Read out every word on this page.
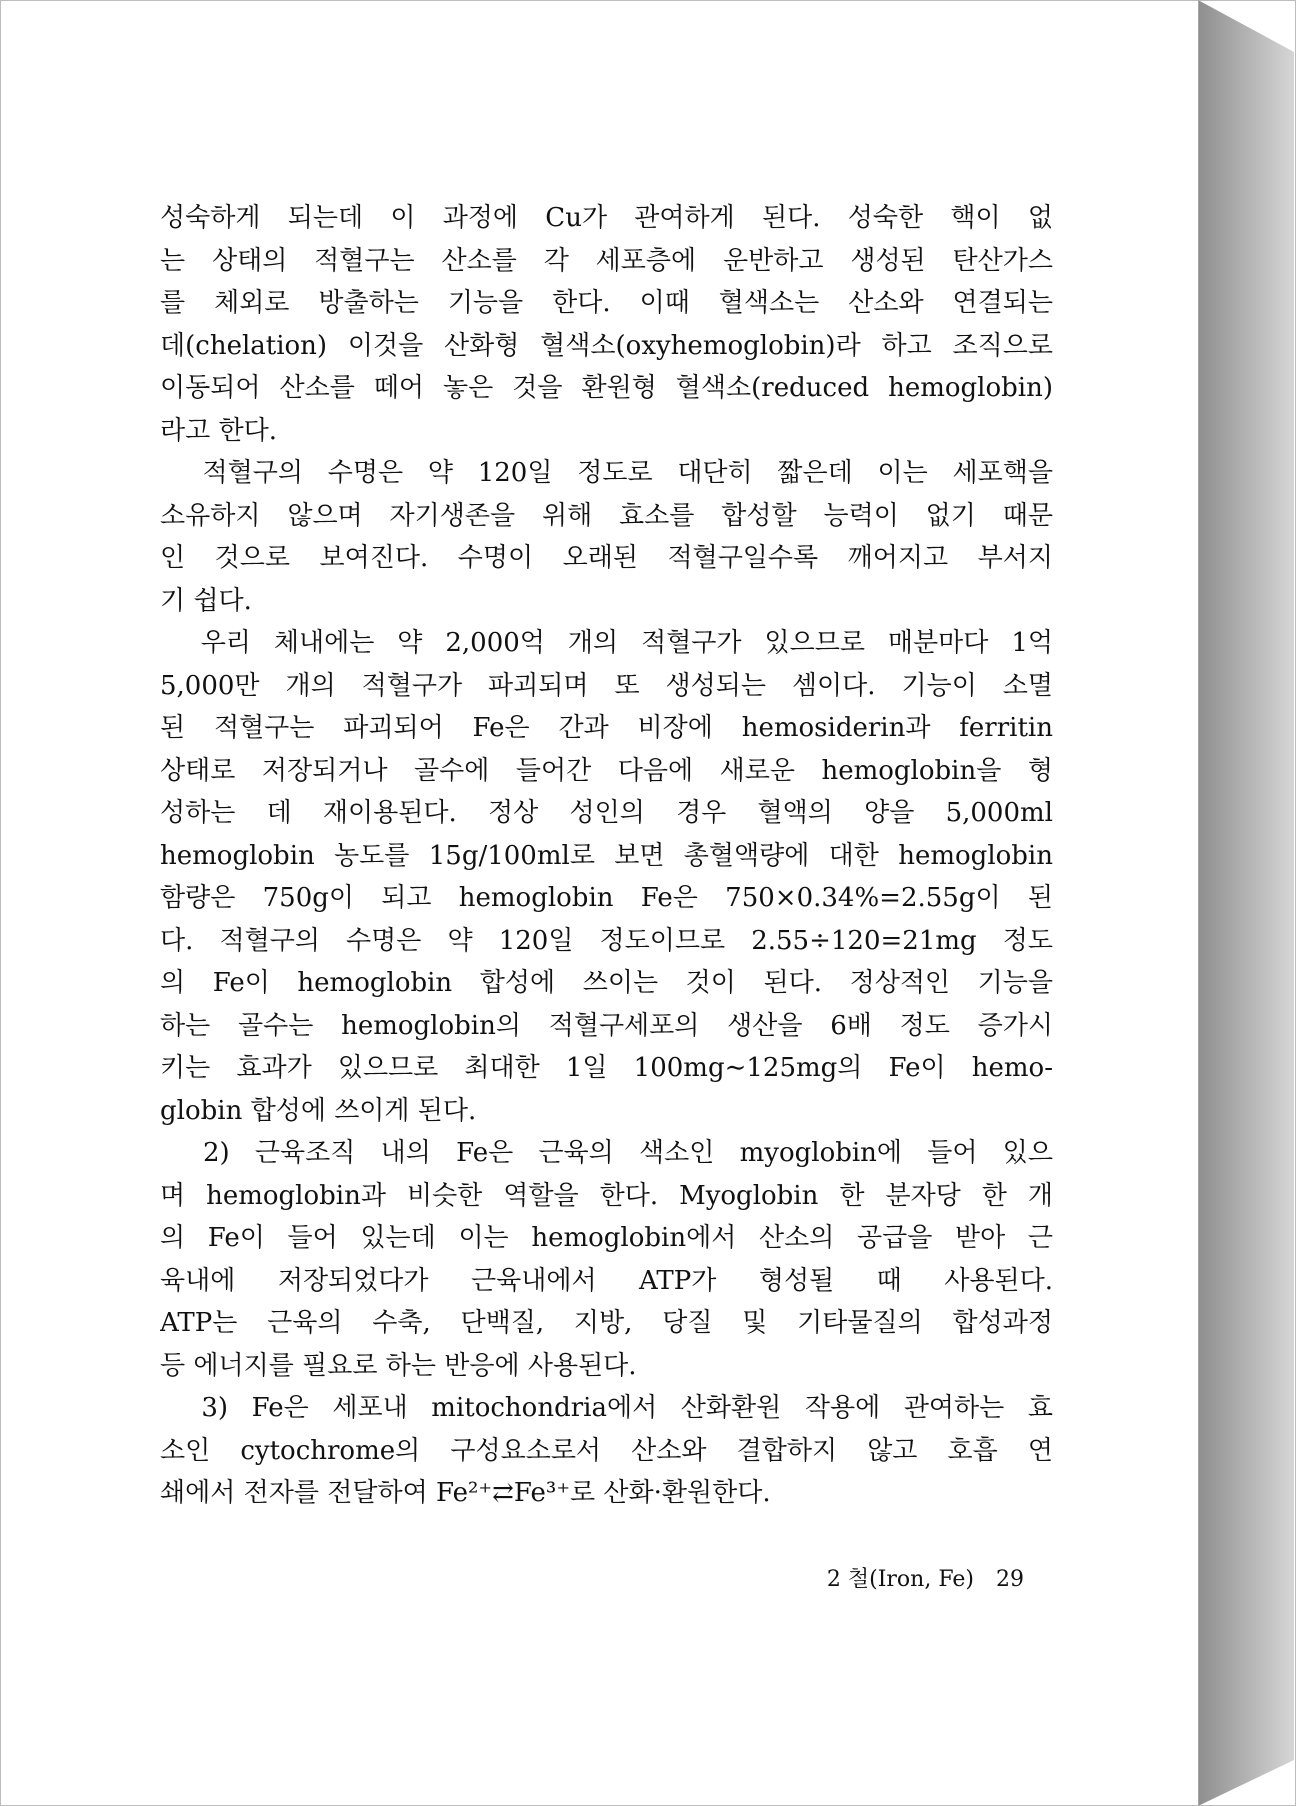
성숙하게 되는데 이 과정에 Cu가 관여하게 된다. 성숙한 핵이 없
는 상태의 적혈구는 산소를 각 세포층에 운반하고 생성된 탄산가스
를 체외로 방출하는 기능을 한다. 이때 혈색소는 산소와 연결되는
데(chelation) 이것을 산화형 혈색소(oxyhemoglobin)라 하고 조직으로
이동되어 산소를 떼어 놓은 것을 환원형 혈색소(reduced hemoglobin)
라고 한다.
　적혈구의 수명은 약 120일 정도로 대단히 짧은데 이는 세포핵을
소유하지 않으며 자기생존을 위해 효소를 합성할 능력이 없기 때문
인 것으로 보여진다. 수명이 오래된 적혈구일수록 깨어지고 부서지
기 쉽다.
　우리 체내에는 약 2,000억 개의 적혈구가 있으므로 매분마다 1억
5,000만 개의 적혈구가 파괴되며 또 생성되는 셈이다. 기능이 소멸
된 적혈구는 파괴되어 Fe은 간과 비장에 hemosiderin과 ferritin
상태로 저장되거나 골수에 들어간 다음에 새로운 hemoglobin을 형
성하는 데 재이용된다. 정상 성인의 경우 혈액의 양을 5,000ml
hemoglobin 농도를 15g/100ml로 보면 총혈액량에 대한 hemoglobin
함량은 750g이 되고 hemoglobin Fe은 750×0.34%=2.55g이 된
다. 적혈구의 수명은 약 120일 정도이므로 2.55÷120=21mg 정도
의 Fe이 hemoglobin 합성에 쓰이는 것이 된다. 정상적인 기능을
하는 골수는 hemoglobin의 적혈구세포의 생산을 6배 정도 증가시
키는 효과가 있으므로 최대한 1일 100mg∼125mg의 Fe이 hemo-
globin 합성에 쓰이게 된다.
　2) 근육조직 내의 Fe은 근육의 색소인 myoglobin에 들어 있으
며 hemoglobin과 비슷한 역할을 한다. Myoglobin 한 분자당 한 개
의 Fe이 들어 있는데 이는 hemoglobin에서 산소의 공급을 받아 근
육내에 저장되었다가 근육내에서 ATP가 형성될 때 사용된다.
ATP는 근육의 수축, 단백질, 지방, 당질 및 기타물질의 합성과정
등 에너지를 필요로 하는 반응에 사용된다.
　3) Fe은 세포내 mitochondria에서 산화환원 작용에 관여하는 효
소인 cytochrome의 구성요소로서 산소와 결합하지 않고 호흡 연
쇄에서 전자를 전달하여 Fe²⁺⇄Fe³⁺로 산화·환원한다.
2 철(Iron, Fe) 29
